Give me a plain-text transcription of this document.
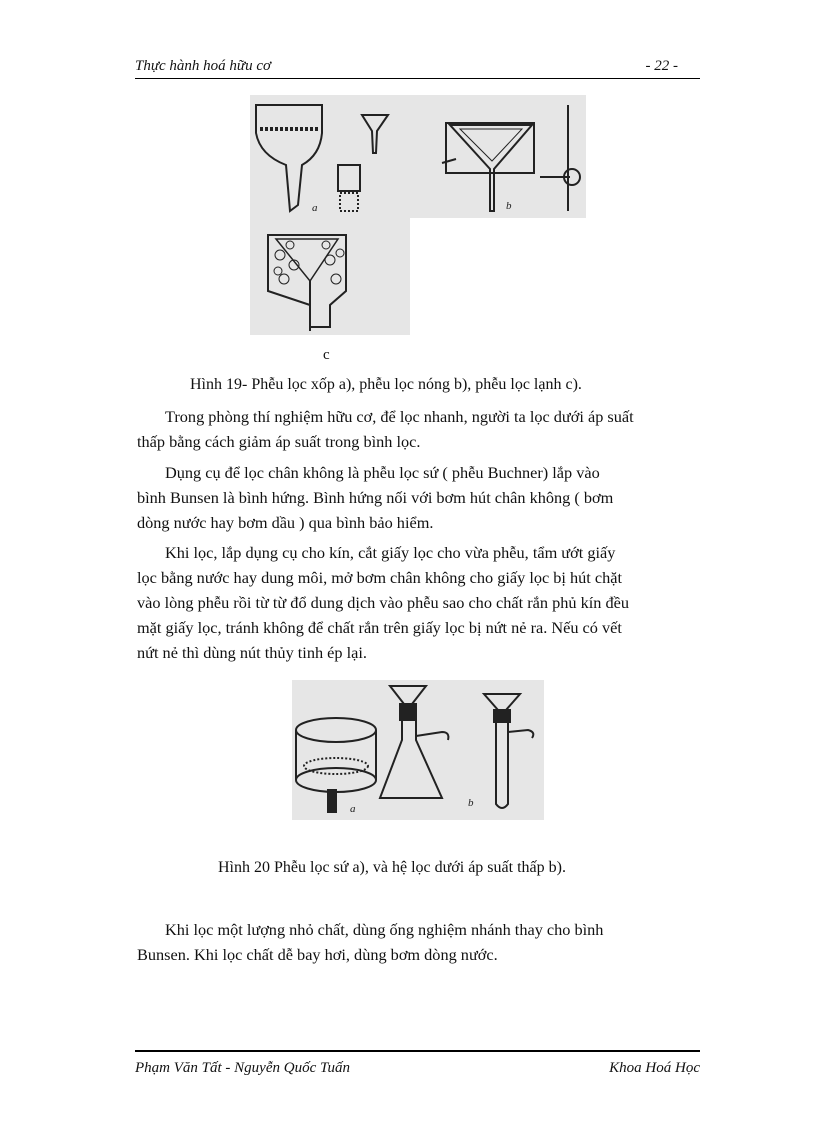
Thực hành hoá hữu cơ	- 22 -
a	b
c
Hình 19- Phễu lọc xốp a), phễu lọc nóng b), phễu lọc lạnh c).

Trong phòng thí nghiệm hữu cơ, để lọc nhanh, người ta lọc dưới áp suất
thấp bằng cách giảm áp suất trong bình lọc.

Dụng cụ để lọc chân không là phễu lọc sứ ( phễu Buchner) lắp vào
bình Bunsen là bình hứng. Bình hứng nối với bơm hút chân không ( bơm
dòng nước hay bơm dầu ) qua bình bảo hiểm.

Khi lọc, lắp dụng cụ cho kín, cắt giấy lọc cho vừa phễu, tẩm ướt giấy
lọc bằng nước hay dung môi, mở bơm chân không cho giấy lọc bị hút chặt
vào lòng phễu rồi từ từ đổ dung dịch vào phễu sao cho chất rắn phủ kín đều
mặt giấy lọc, tránh không để chất rắn trên giấy lọc bị nứt nẻ ra. Nếu có vết
nứt nẻ thì dùng nút thủy tinh ép lại.

a	b
Hình 20 Phễu lọc sứ a), và hệ lọc dưới áp suất thấp b).

Khi lọc một lượng nhỏ chất, dùng ống nghiệm nhánh thay cho bình
Bunsen. Khi lọc chất dễ bay hơi, dùng bơm dòng nước.

Phạm Văn Tất - Nguyễn Quốc Tuấn	Khoa Hoá Học
